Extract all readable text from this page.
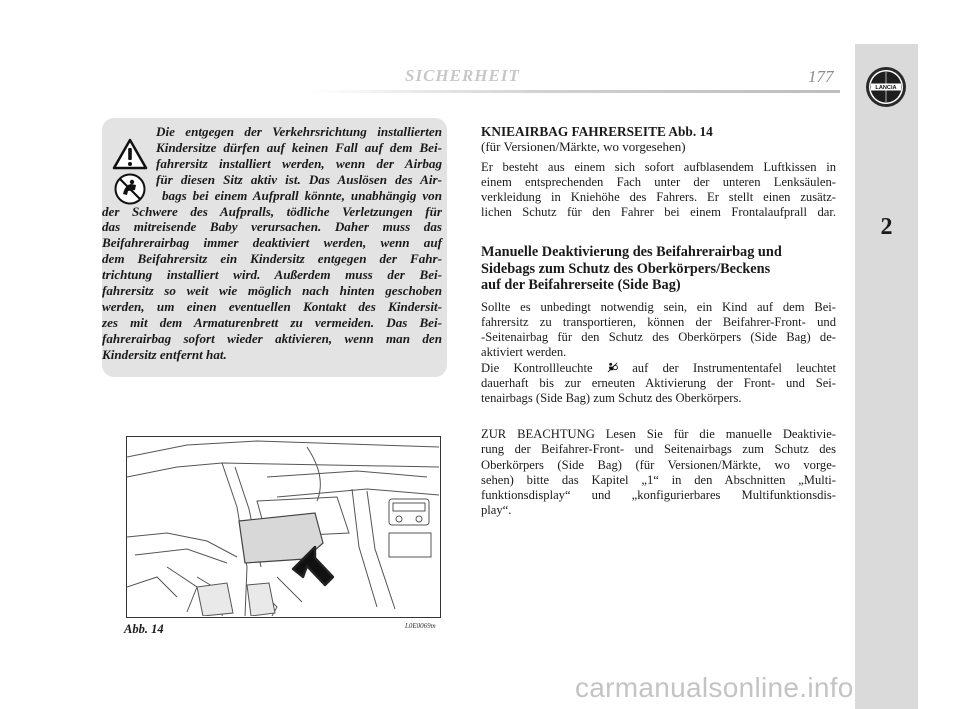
SICHERHEIT	177
LANCIA
2
Die entgegen der Verkehrsrichtung installierten
Kindersitze dürfen auf keinen Fall auf dem Bei-
fahrersitz installiert werden, wenn der Airbag
für diesen Sitz aktiv ist. Das Auslösen des Air-
bags bei einem Aufprall könnte, unabhängig von
der Schwere des Aufpralls, tödliche Verletzungen für
das mitreisende Baby verursachen. Daher muss das
Beifahrerairbag immer deaktiviert werden, wenn auf
dem Beifahrersitz ein Kindersitz entgegen der Fahr-
trichtung installiert wird. Außerdem muss der Bei-
fahrersitz so weit wie möglich nach hinten geschoben
werden, um einen eventuellen Kontakt des Kindersit-
zes mit dem Armaturenbrett zu vermeiden. Das Bei-
fahrerairbag sofort wieder aktivieren, wenn man den
Kindersitz entfernt hat.
Abb. 14	L0E0069m
KNIEAIRBAG FAHRERSEITE Abb. 14
(für Versionen/Märkte, wo vorgesehen)
Er besteht aus einem sich sofort aufblasendem Luftkissen in
einem entsprechenden Fach unter der unteren Lenksäulen-
verkleidung in Kniehöhe des Fahrers. Er stellt einen zusätz-
lichen Schutz für den Fahrer bei einem Frontalaufprall dar.
Manuelle Deaktivierung des Beifahrerairbag und
Sidebags zum Schutz des Oberkörpers/Beckens
auf der Beifahrerseite (Side Bag)
Sollte es unbedingt notwendig sein, ein Kind auf dem Bei-
fahrersitz zu transportieren, können der Beifahrer-Front- und
-Seitenairbag für den Schutz des Oberkörpers (Side Bag) de-
aktiviert werden.
Die Kontrollleuchte	auf der Instrumententafel leuchtet
dauerhaft bis zur erneuten Aktivierung der Front- und Sei-
tenairbags (Side Bag) zum Schutz des Oberkörpers.
ZUR BEACHTUNG Lesen Sie für die manuelle Deaktivie-
rung der Beifahrer-Front- und Seitenairbags zum Schutz des
Oberkörpers (Side Bag) (für Versionen/Märkte, wo vorge-
sehen) bitte das Kapitel „1“ in den Abschnitten „Multi-
funktionsdisplay“ und „konfigurierbares Multifunktionsdis-
play“.
carmanualsonline.info
